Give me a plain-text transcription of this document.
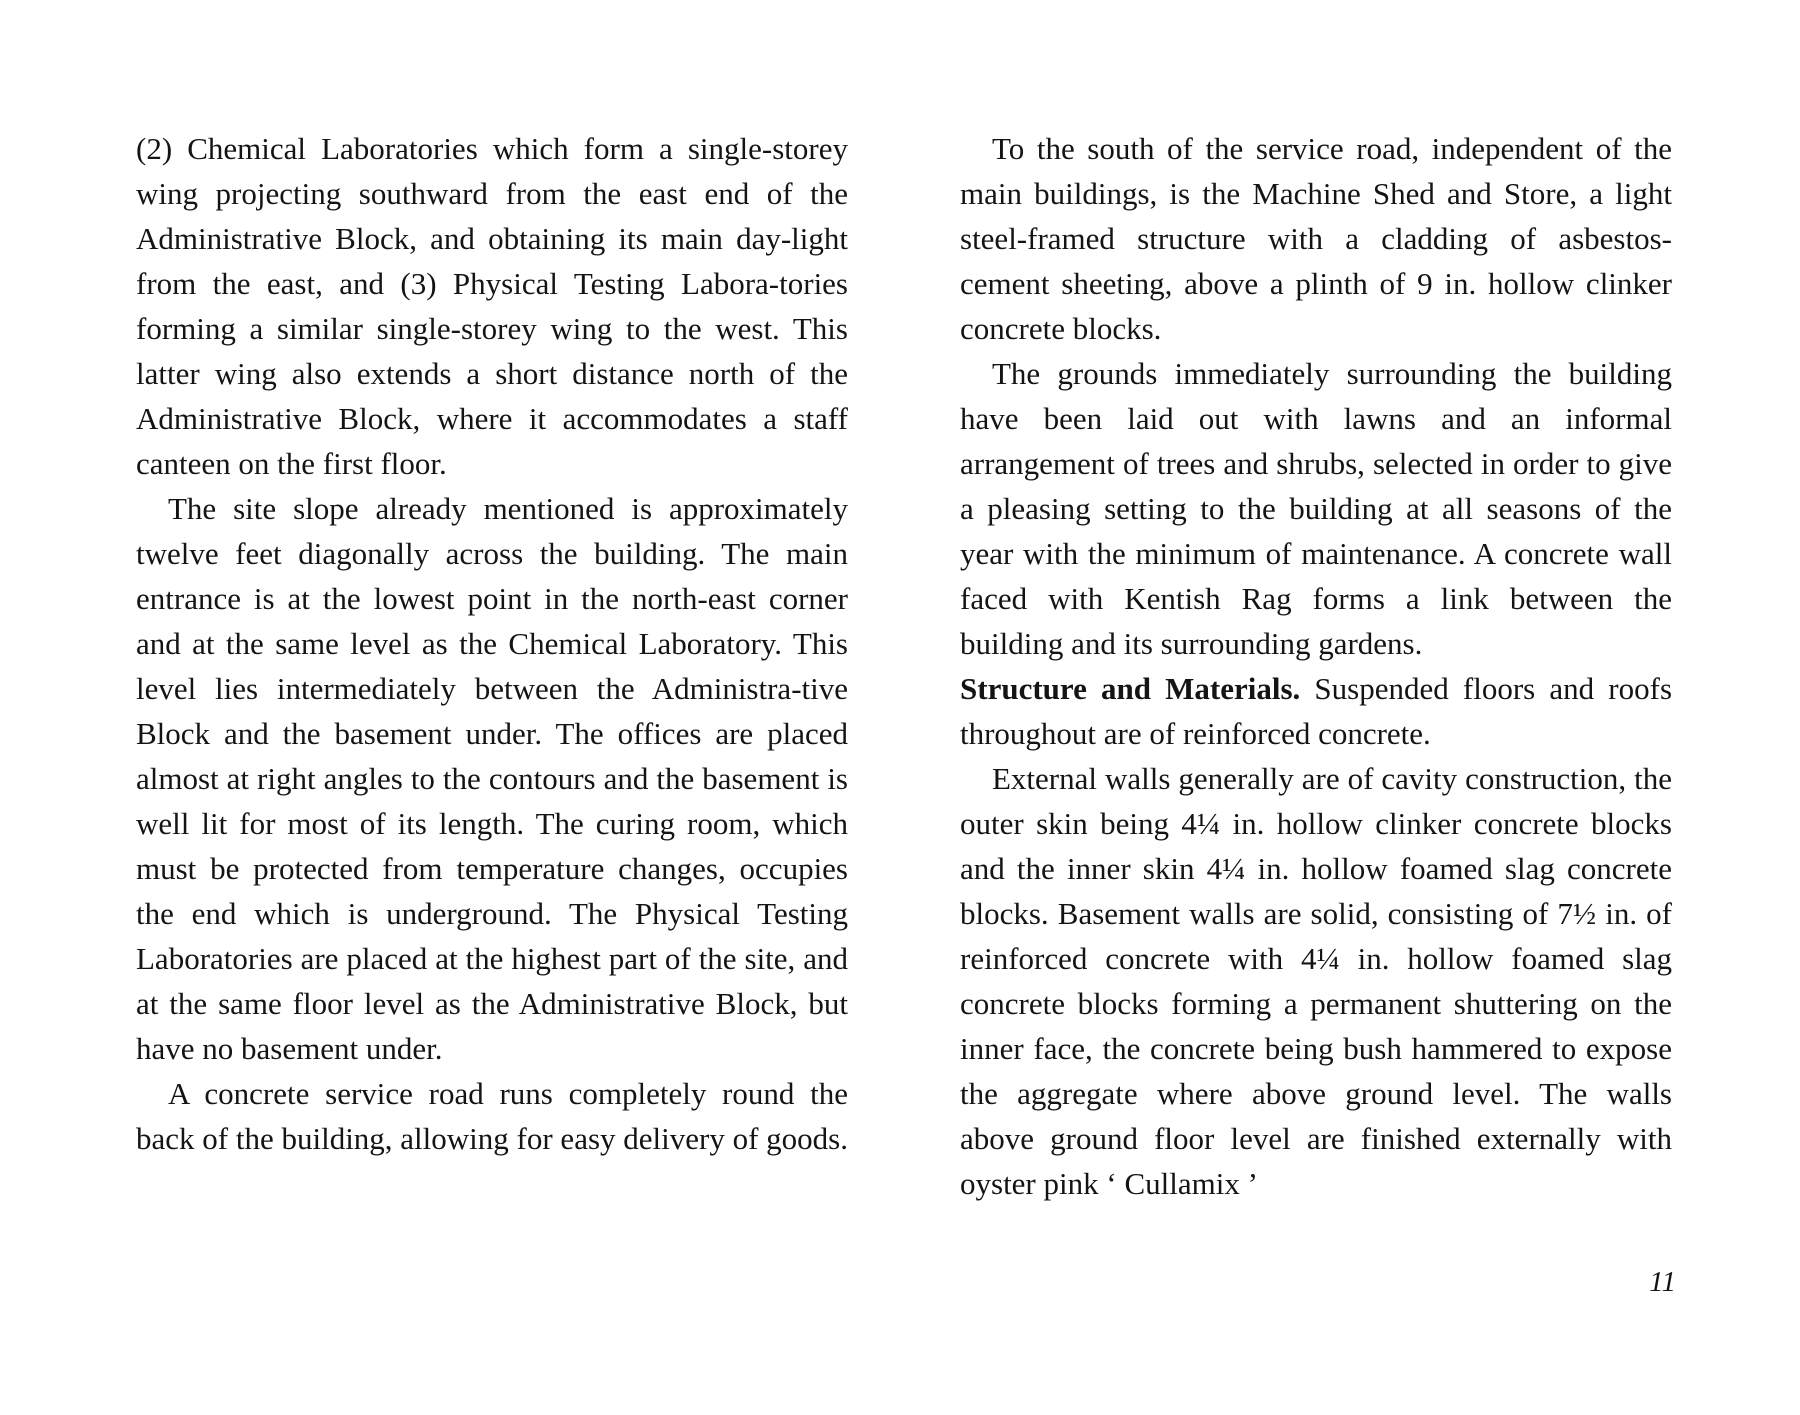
(2) Chemical Laboratories which form a single-storey wing projecting southward from the east end of the Administrative Block, and obtaining its main day-light from the east, and (3) Physical Testing Labora-tories forming a similar single-storey wing to the west. This latter wing also extends a short distance north of the Administrative Block, where it accommodates a staff canteen on the first floor.

The site slope already mentioned is approximately twelve feet diagonally across the building. The main entrance is at the lowest point in the north-east corner and at the same level as the Chemical Laboratory. This level lies intermediately between the Administra-tive Block and the basement under. The offices are placed almost at right angles to the contours and the basement is well lit for most of its length. The curing room, which must be protected from temperature changes, occupies the end which is underground. The Physical Testing Laboratories are placed at the highest part of the site, and at the same floor level as the Administrative Block, but have no basement under.

A concrete service road runs completely round the back of the building, allowing for easy delivery of goods.

To the south of the service road, independent of the main buildings, is the Machine Shed and Store, a light steel-framed structure with a cladding of asbestos-cement sheeting, above a plinth of 9 in. hollow clinker concrete blocks.

The grounds immediately surrounding the building have been laid out with lawns and an informal arrangement of trees and shrubs, selected in order to give a pleasing setting to the building at all seasons of the year with the minimum of maintenance. A concrete wall faced with Kentish Rag forms a link between the building and its surrounding gardens.

Structure and Materials. Suspended floors and roofs throughout are of reinforced concrete.

External walls generally are of cavity construction, the outer skin being 4¼ in. hollow clinker concrete blocks and the inner skin 4¼ in. hollow foamed slag concrete blocks. Basement walls are solid, consisting of 7½ in. of reinforced concrete with 4¼ in. hollow foamed slag concrete blocks forming a permanent shuttering on the inner face, the concrete being bush hammered to expose the aggregate where above ground level. The walls above ground floor level are finished externally with oyster pink ‘ Cullamix ’

11
